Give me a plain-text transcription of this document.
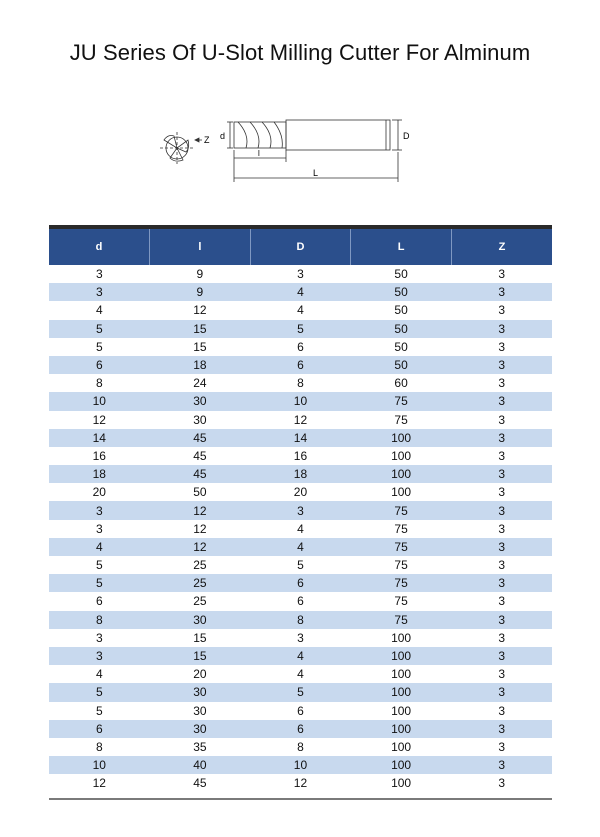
JU Series Of U-Slot Milling Cutter For Alminum
Z d
l
D
L
d	l	D	L	Z
3	9	3	50	3
3	9	4	50	3
4	12	4	50	3
5	15	5	50	3
5	15	6	50	3
6	18	6	50	3
8	24	8	60	3
10	30	10	75	3
12	30	12	75	3
14	45	14	100	3
16	45	16	100	3
18	45	18	100	3
20	50	20	100	3
3	12	3	75	3
3	12	4	75	3
4	12	4	75	3
5	25	5	75	3
5	25	6	75	3
6	25	6	75	3
8	30	8	75	3
3	15	3	100	3
3	15	4	100	3
4	20	4	100	3
5	30	5	100	3
5	30	6	100	3
6	30	6	100	3
8	35	8	100	3
10	40	10	100	3
12	45	12	100	3
